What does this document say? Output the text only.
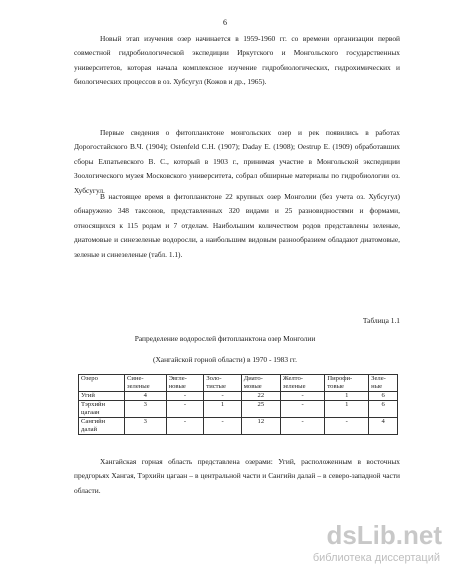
6

Новый этап изучения озер начинается в 1959-1960 гг. со времени организации первой совместной гидробиологической экспедиции Иркутского и Монгольского государственных университетов, которая начала комплексное изучение гидробиологических, гидрохимических и биологических процессов в оз. Хубсугул (Кожов и др., 1965).

Первые сведения о фитопланктоне монгольских озер и рек появились в работах Дорогостайского В.Ч. (1904); Ostenfeld C.H. (1907); Daday E. (1908); Oestrup E. (1909) обработавших сборы Елпатьевского В. С., который в 1903 г., принимая участие в Монгольской экспедиции Зоологического музея Московского университета, собрал обширные материалы по гидробиологии оз. Хубсугул.

В настоящее время в фитопланктоне 22 крупных озер Монголии (без учета оз. Хубсугул) обнаружено 348 таксонов, представленных 320 видами и 25 разновидностями и формами, относящихся к 115 родам и 7 отделам. Наибольшим количеством родов представлены зеленые, диатомовые и синезеленые водоросли, а наибольшим видовым разнообразием обладают диатомовые, зеленые и синезеленые (табл. 1.1).

Таблица 1.1
Рапределение водорослей фитопланктона озер Монголии
(Хангайской горной области) в 1970 - 1983 гг.
Озеро	Сине-зеленые	Эвгле-новые	Золо-тистые	Диато-мовые	Желто-зеленые	Пирофи-товые	Зеле-ные
Угий	4	-	-	22	-	1	6
Тэрхийн цагаан	3	-	1	25	-	1	6
Сангийн далай	3	-	-	12	-	-	4

Хангайская горная область представлена озерами: Угий, расположенным в восточных предгорьях Хангая, Тэрхийн цагаан – в центральной части и Сангийн далай – в северо-западной части области.

dsLib.net
библиотека диссертаций
